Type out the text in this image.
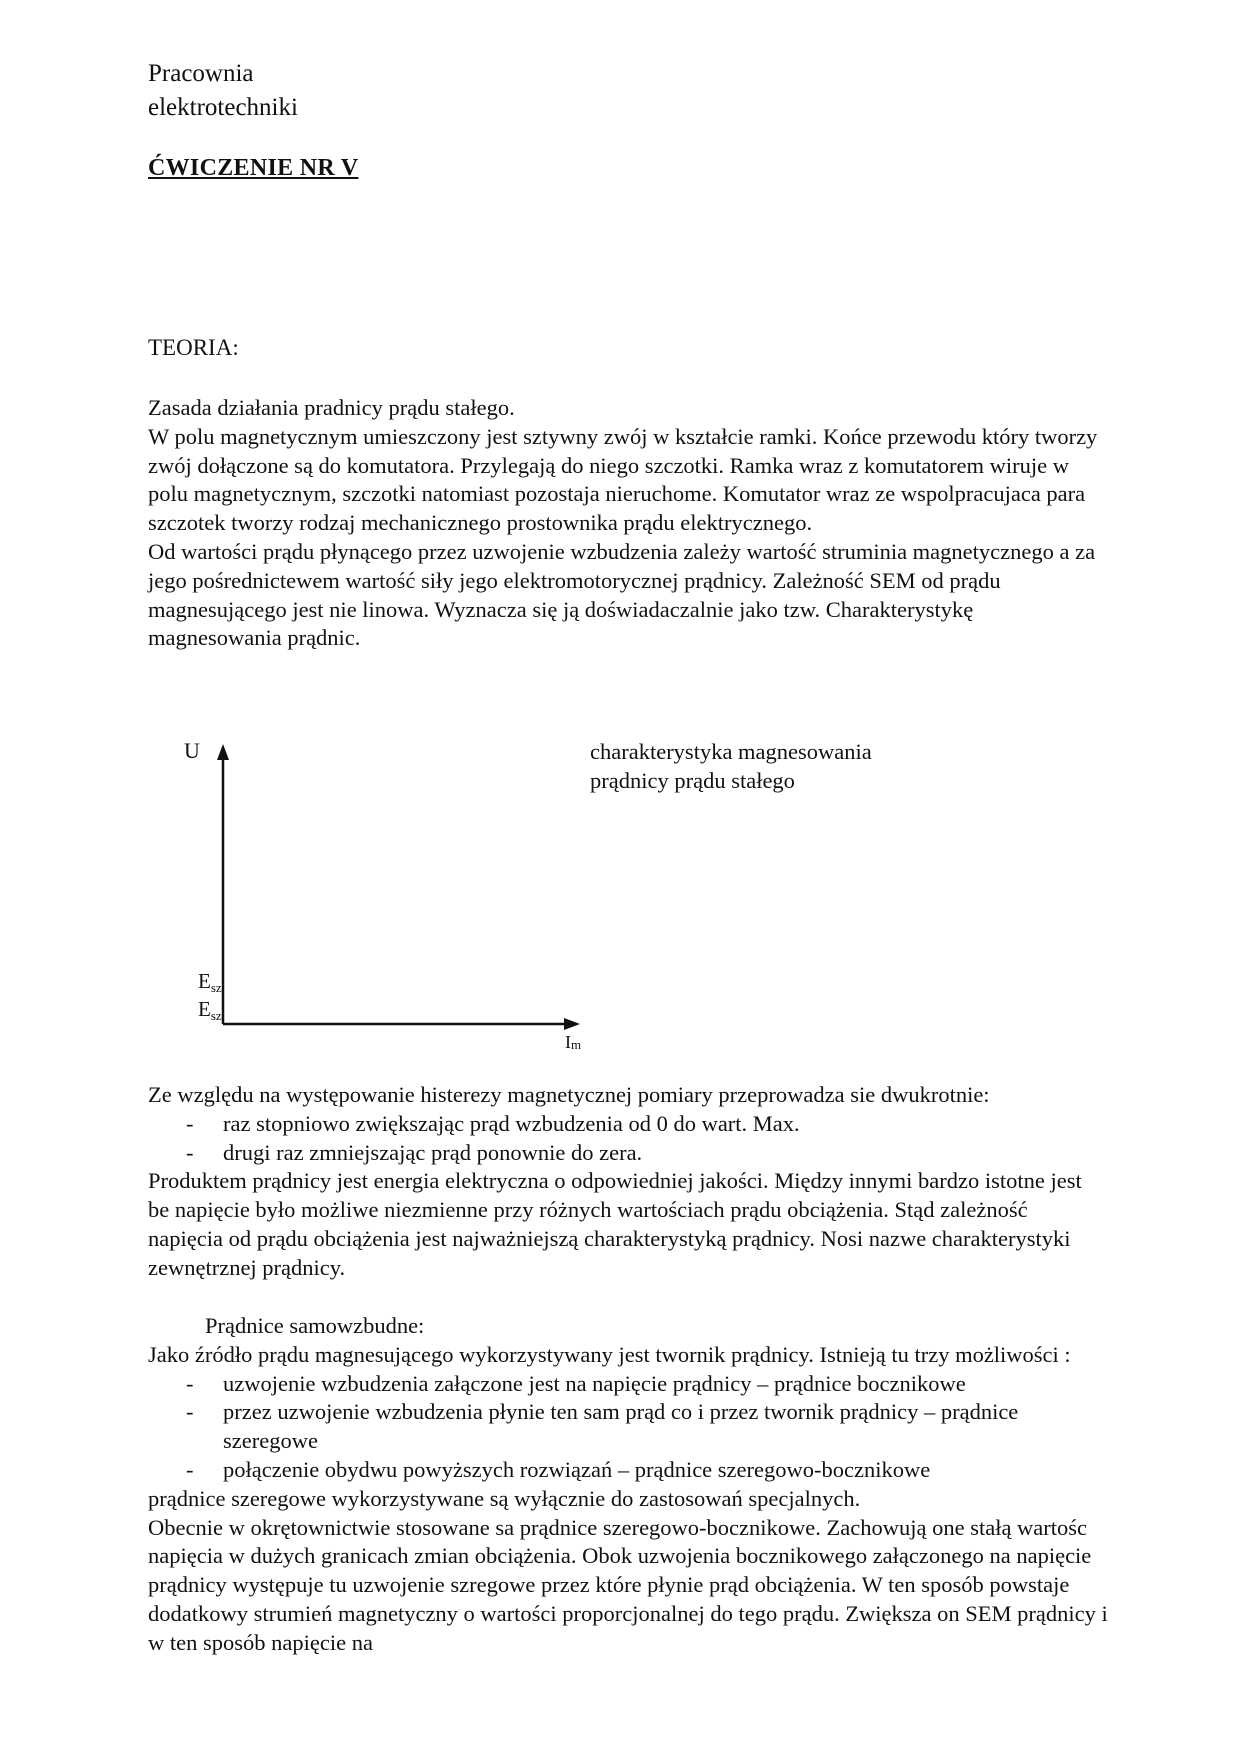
Pracownia
elektrotechniki
ĆWICZENIE NR V
TEORIA:

Zasada działania pradnicy prądu stałego.

W polu magnetycznym umieszczony jest sztywny zwój w kształcie ramki. Końce przewodu który tworzy zwój dołączone są do komutatora. Przylegają do niego szczotki. Ramka wraz z komutatorem wiruje w polu magnetycznym, szczotki natomiast pozostaja nieruchome. Komutator wraz ze wspolpracujaca para szczotek tworzy rodzaj mechanicznego prostownika prądu elektrycznego.

Od wartości prądu płynącego przez uzwojenie wzbudzenia zależy wartość struminia magnetycznego a za jego pośrednictewem wartość siły jego elektromotorycznej prądnicy. Zależność SEM od prądu magnesującego jest nie linowa. Wyznacza się ją doświadaczalnie jako tzw. Charakterystykę magnesowania prądnic.

U
Esz
Esz
Im
charakterystyka magnesowania
prądnicy prądu stałego

Ze względu na występowanie histerezy magnetycznej pomiary przeprowadza sie dwukrotnie:

- raz stopniowo zwiększając prąd wzbudzenia od 0 do wart. Max.
- drugi raz zmniejszając prąd ponownie do zera.

Produktem prądnicy jest energia elektryczna o odpowiedniej jakości. Między innymi bardzo istotne jest be napięcie było możliwe niezmienne przy różnych wartościach prądu obciążenia. Stąd zależność napięcia od prądu obciążenia jest najważniejszą charakterystyką prądnicy. Nosi nazwe charakterystyki zewnętrznej prądnicy.

Prądnice samowzbudne:

Jako źródło prądu magnesującego wykorzystywany jest twornik prądnicy. Istnieją tu trzy możliwości :

- uzwojenie wzbudzenia załączone jest na napięcie prądnicy – prądnice bocznikowe
- przez uzwojenie wzbudzenia płynie ten sam prąd co i przez twornik prądnicy – prądnice szeregowe
- połączenie obydwu powyższych rozwiązań – prądnice szeregowo-bocznikowe

prądnice szeregowe wykorzystywane są wyłącznie do zastosowań specjalnych.

Obecnie w okrętownictwie stosowane sa prądnice szeregowo-bocznikowe. Zachowują one stałą wartośc napięcia w dużych granicach zmian obciążenia. Obok uzwojenia bocznikowego załączonego na napięcie prądnicy występuje tu uzwojenie szregowe przez które płynie prąd obciążenia. W ten sposób powstaje dodatkowy strumień magnetyczny o wartości proporcjonalnej do tego prądu. Zwiększa on SEM prądnicy i w ten sposób napięcie na
